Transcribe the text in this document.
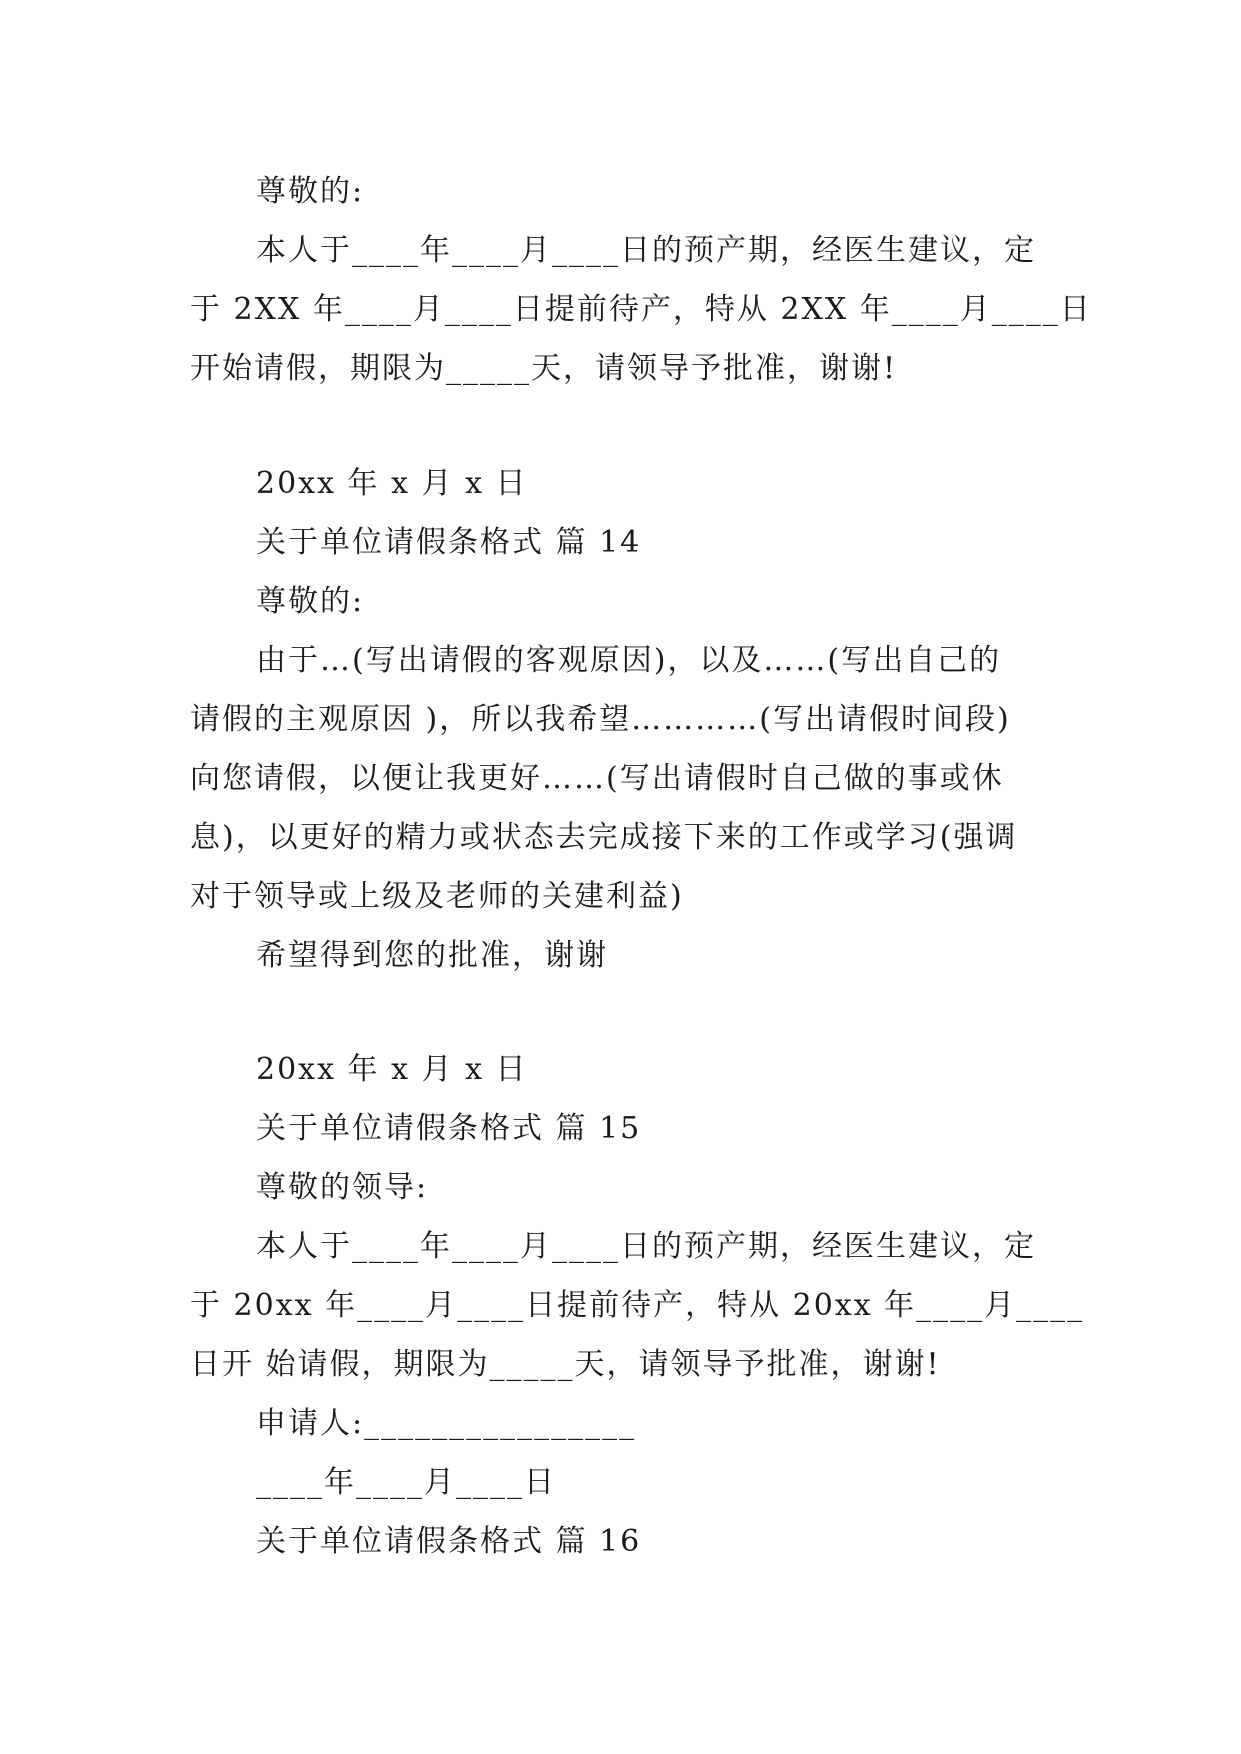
尊敬的:
本人于____年____月____日的预产期，经医生建议，定
于 2XX 年____月____日提前待产，特从 2XX 年____月____日
开始请假，期限为_____天，请领导予批准，谢谢!
20xx 年 x 月 x 日
关于单位请假条格式 篇 14
尊敬的:
由于…(写出请假的客观原因)，以及……(写出自己的
请假的主观原因 )，所以我希望…………(写出请假时间段)
向您请假，以便让我更好……(写出请假时自己做的事或休
息)，以更好的精力或状态去完成接下来的工作或学习(强调
对于领导或上级及老师的关建利益)
希望得到您的批准，谢谢
20xx 年 x 月 x 日
关于单位请假条格式 篇 15
尊敬的领导:
本人于____年____月____日的预产期，经医生建议，定
于 20xx 年____月____日提前待产，特从 20xx 年____月____
日开 始请假，期限为_____天，请领导予批准，谢谢!
申请人:________________
____年____月____日
关于单位请假条格式 篇 16
